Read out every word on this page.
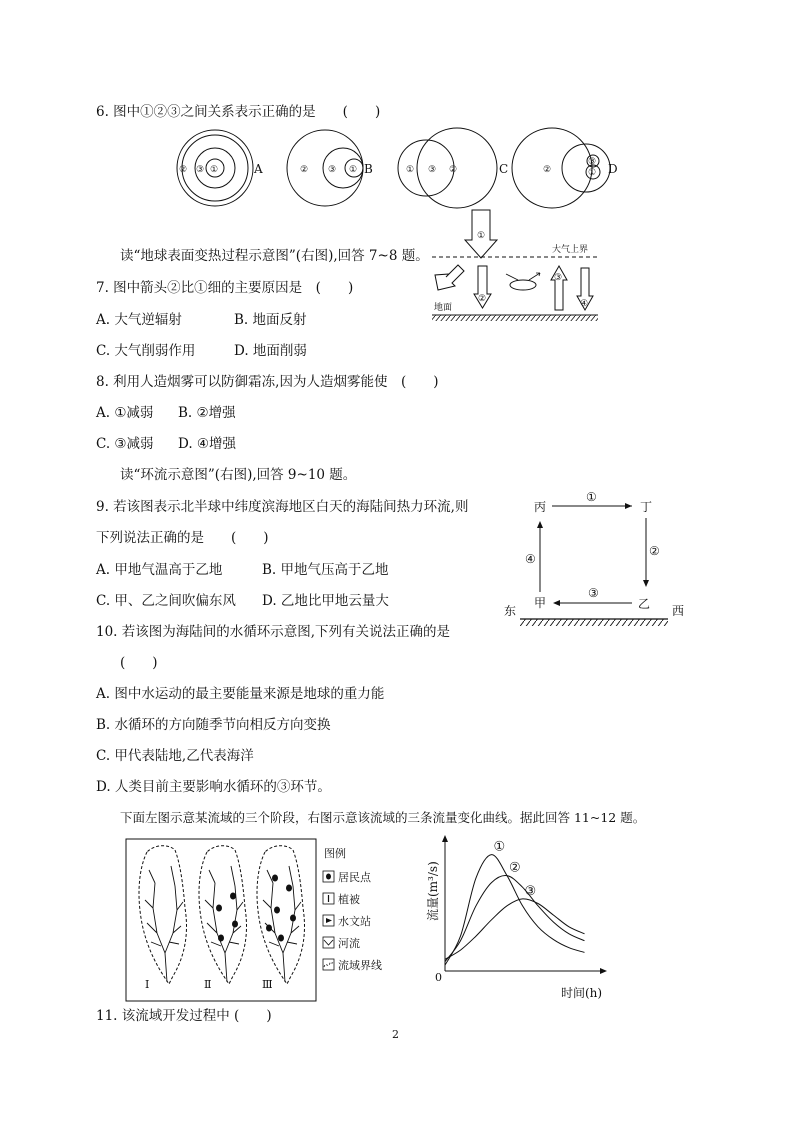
6. 图中①②③之间关系表示正确的是　　(　　)
② ③ ①	A	② ③ ① B	① ③ ②	C	②
③
① D
读“地球表面变热过程示意图”(右图),回答 7~8 题。
①
大气上界
②
③
④
地面
7. 图中箭头②比①细的主要原因是　(　　)
A. 大气逆辐射	B. 地面反射
C. 大气削弱作用	D. 地面削弱
8. 利用人造烟雾可以防御霜冻,因为人造烟雾能使　(　　)
A. ①减弱 B. ②增强
C. ③减弱 D. ④增强
读“环流示意图”(右图),回答 9~10 题。
丙	丁
①
②
③
④
东
甲	乙 西
9. 若该图表示北半球中纬度滨海地区白天的海陆间热力环流,则
下列说法正确的是　　(　　)
A. 甲地气温高于乙地	B. 甲地气压高于乙地
C. 甲、乙之间吹偏东风 D. 乙地比甲地云量大
10. 若该图为海陆间的水循环示意图,下列有关说法正确的是
(　　)
A. 图中水运动的最主要能量来源是地球的重力能
B. 水循环的方向随季节向相反方向变换
C. 甲代表陆地,乙代表海洋
D. 人类目前主要影响水循环的③环节。
下面左图示意某流域的三个阶段，右图示意该流域的三条流量变化曲线。据此回答 11~12 题。
Ⅰ	Ⅱ	Ⅲ
图例
居民点
植被
水文站
河流
流域界线
0
时间(h)
流量(m³/s)
①
②
③
11. 该流域开发过程中 (　　)
2
